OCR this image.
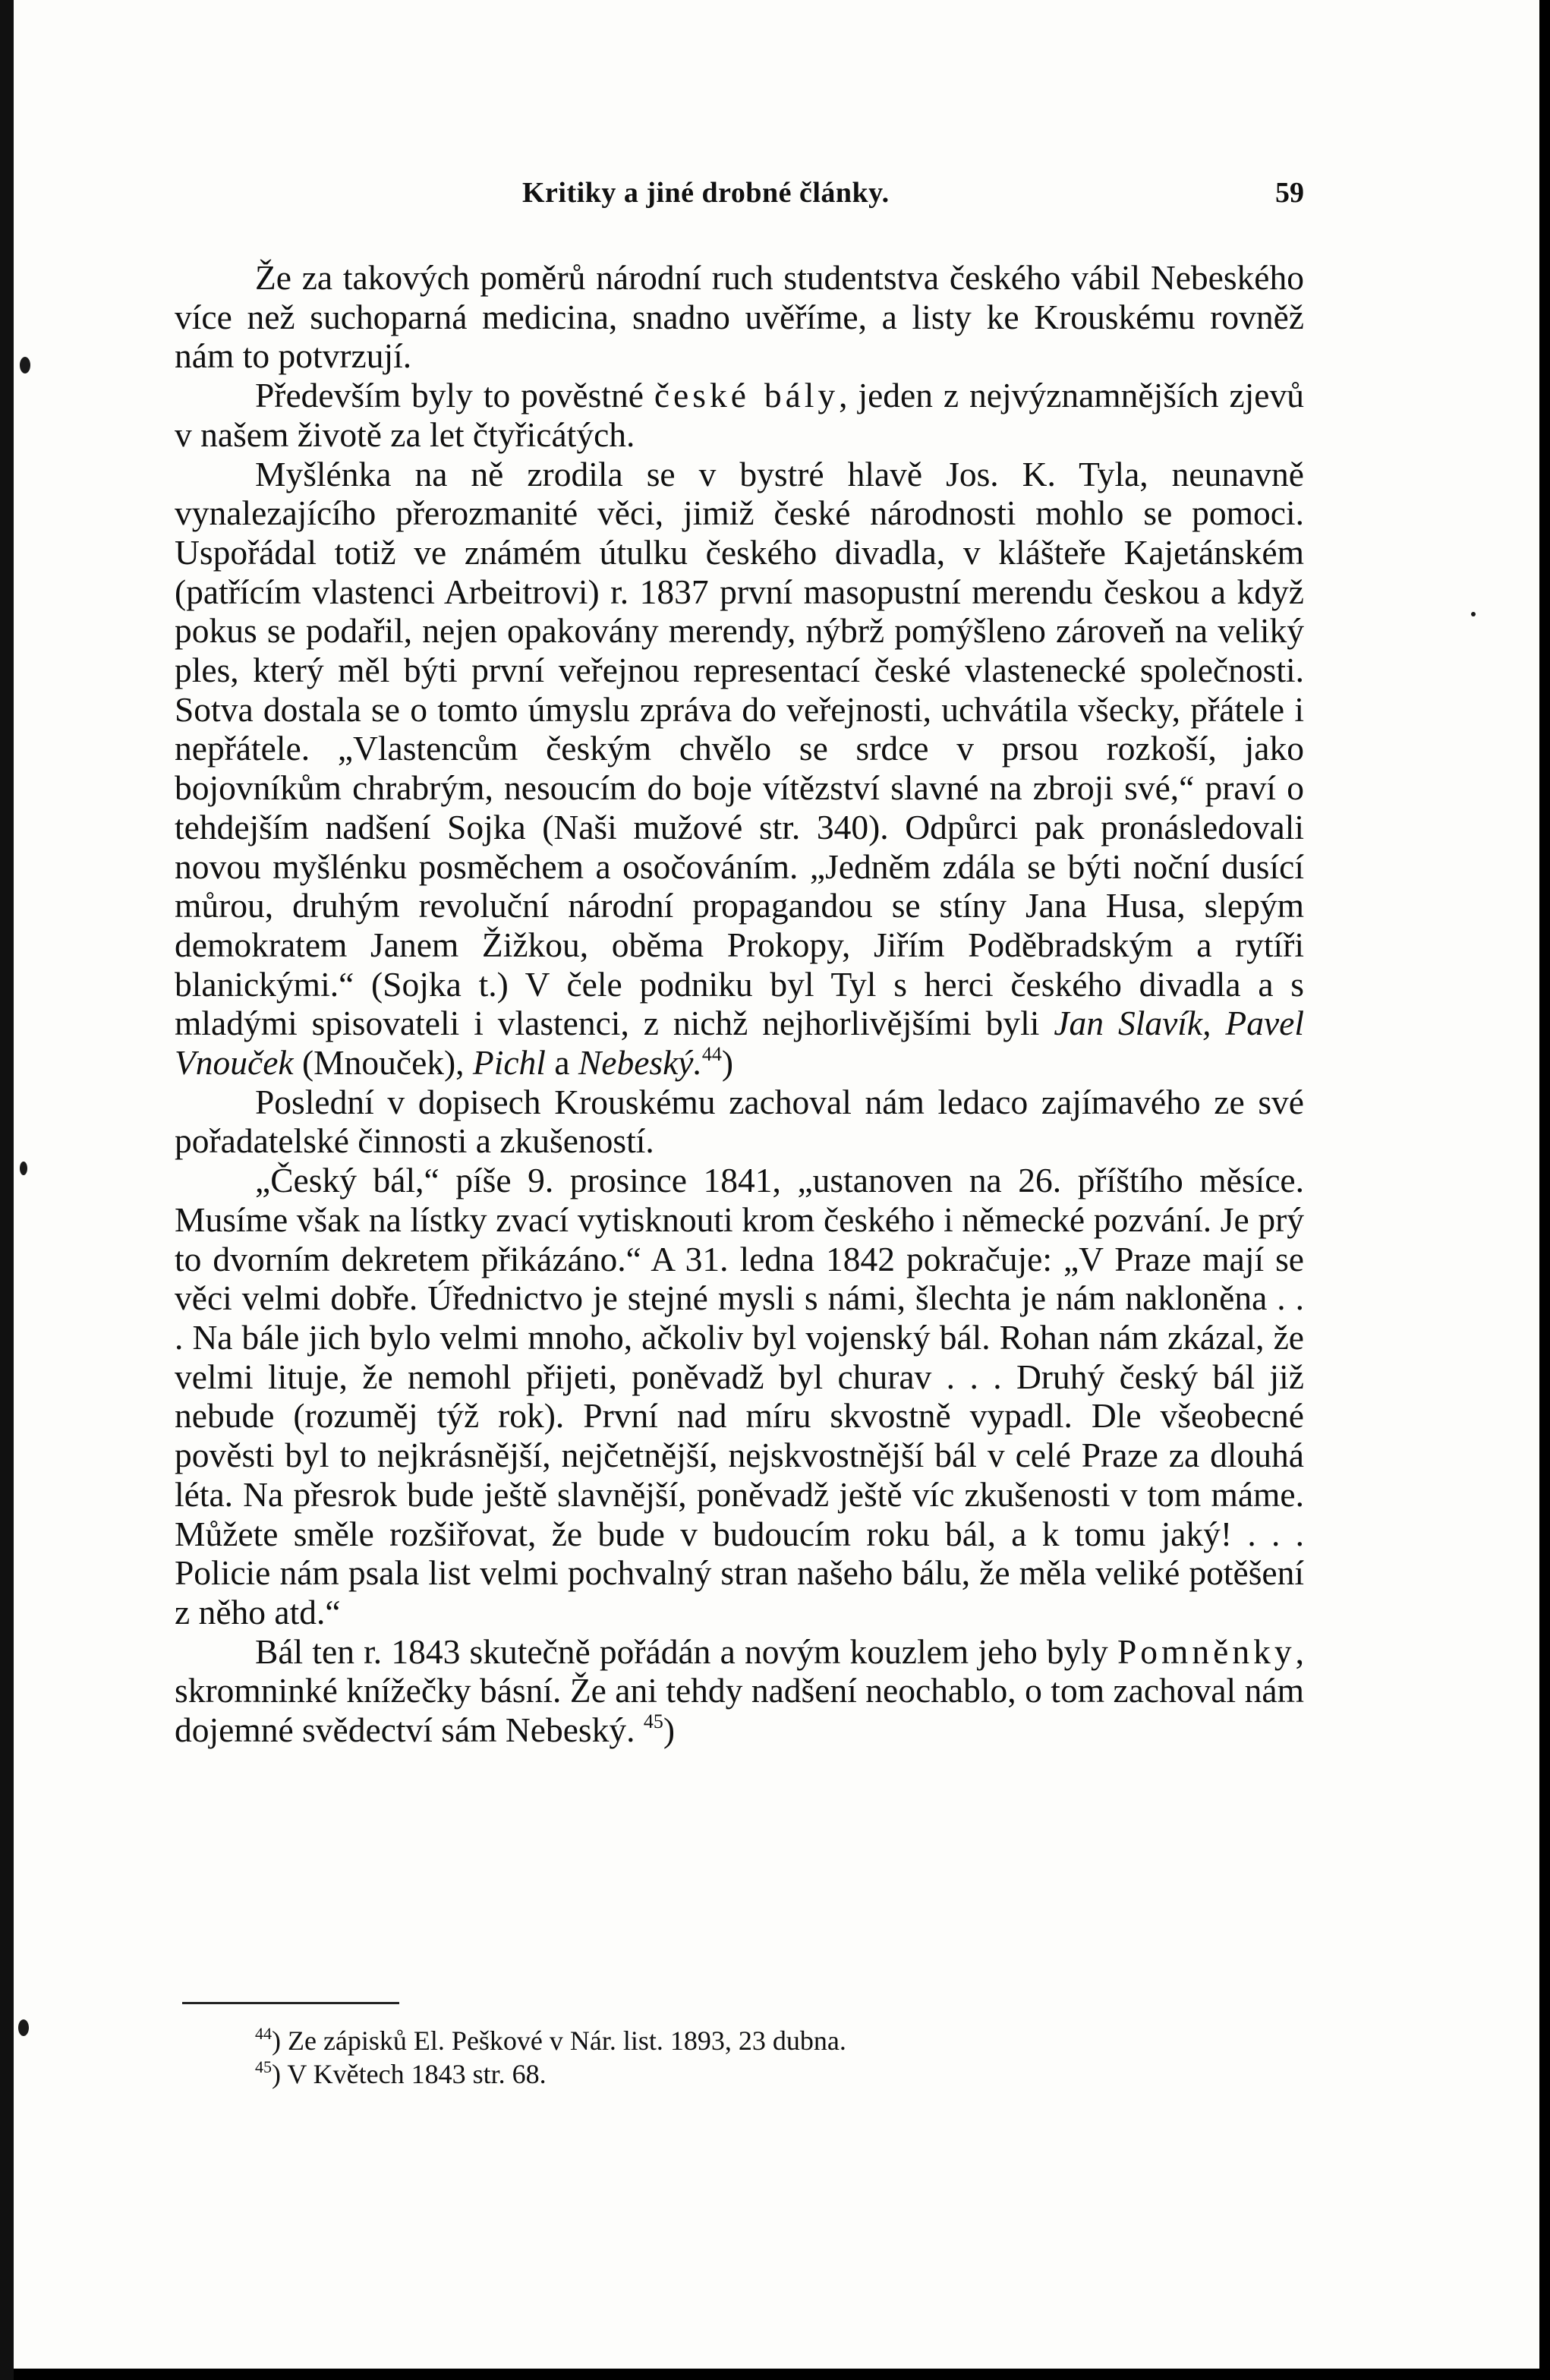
Kritiky a jiné drobné články.	59

Že za takových poměrů národní ruch studentstva českého vábil Nebeského více než suchoparná medicina, snadno uvěříme, a listy ke Krouskému rovněž nám to potvrzují.

Především byly to pověstné české bály, jeden z nejvýznamnějších zjevů v našem životě za let čtyřicátých.

Myšlénka na ně zrodila se v bystré hlavě Jos. K. Tyla, neunavně vynalezajícího přerozmanité věci, jimiž české národnosti mohlo se pomoci. Uspořádal totiž ve známém útulku českého divadla, v klášteře Kajetánském (patřícím vlastenci Arbeitrovi) r. 1837 první masopustní merendu českou a když pokus se podařil, nejen opakovány merendy, nýbrž pomýšleno zároveň na veliký ples, který měl býti první veřejnou representací české vlastenecké společnosti. Sotva dostala se o tomto úmyslu zpráva do veřejnosti, uchvátila všecky, přátele i nepřátele. „Vlastencům českým chvělo se srdce v prsou rozkoší, jako bojovníkům chrabrým, nesoucím do boje vítězství slavné na zbroji své,“ praví o tehdejším nadšení Sojka (Naši mužové str. 340). Odpůrci pak pronásledovali novou myšlénku posměchem a osočováním. „Jedněm zdála se býti noční dusící můrou, druhým revoluční národní propagandou se stíny Jana Husa, slepým demokratem Janem Žižkou, oběma Prokopy, Jiřím Poděbradským a rytíři blanickými.“ (Sojka t.) V čele podniku byl Tyl s herci českého divadla a s mladými spisovateli i vlastenci, z nichž nejhorlivějšími byli Jan Slavík, Pavel Vnouček (Mnouček), Pichl a Nebeský.$^{44}$)

Poslední v dopisech Krouskému zachoval nám ledaco zajímavého ze své pořadatelské činnosti a zkušeností.

„Český bál,“ píše 9. prosince 1841, „ustanoven na 26. příštího měsíce. Musíme však na lístky zvací vytisknouti krom českého i německé pozvání. Je prý to dvorním dekretem přikázáno.“ A 31. ledna 1842 pokračuje: „V Praze mají se věci velmi dobře. Úřednictvo je stejné mysli s námi, šlechta je nám nakloněna . . . Na bále jich bylo velmi mnoho, ačkoliv byl vojenský bál. Rohan nám zkázal, že velmi lituje, že nemohl přijeti, poněvadž byl churav . . . Druhý český bál již nebude (rozuměj týž rok). První nad míru skvostně vypadl. Dle všeobecné pověsti byl to nejkrásnější, nejčetnější, nejskvostnější bál v celé Praze za dlouhá léta. Na přesrok bude ještě slavnější, poněvadž ještě víc zkušenosti v tom máme. Můžete směle rozšiřovat, že bude v budoucím roku bál, a k tomu jaký! . . . Policie nám psala list velmi pochvalný stran našeho bálu, že měla veliké potěšení z něho atd.“

Bál ten r. 1843 skutečně pořádán a novým kouzlem jeho byly Pomněnky, skromninké knížečky básní. Že ani tehdy nadšení neochablo, o tom zachoval nám dojemné svědectví sám Nebeský. $^{45}$)

$^{44}$) Ze zápisků El. Peškové v Nár. list. 1893, 23 dubna.
$^{45}$) V Květech 1843 str. 68.
